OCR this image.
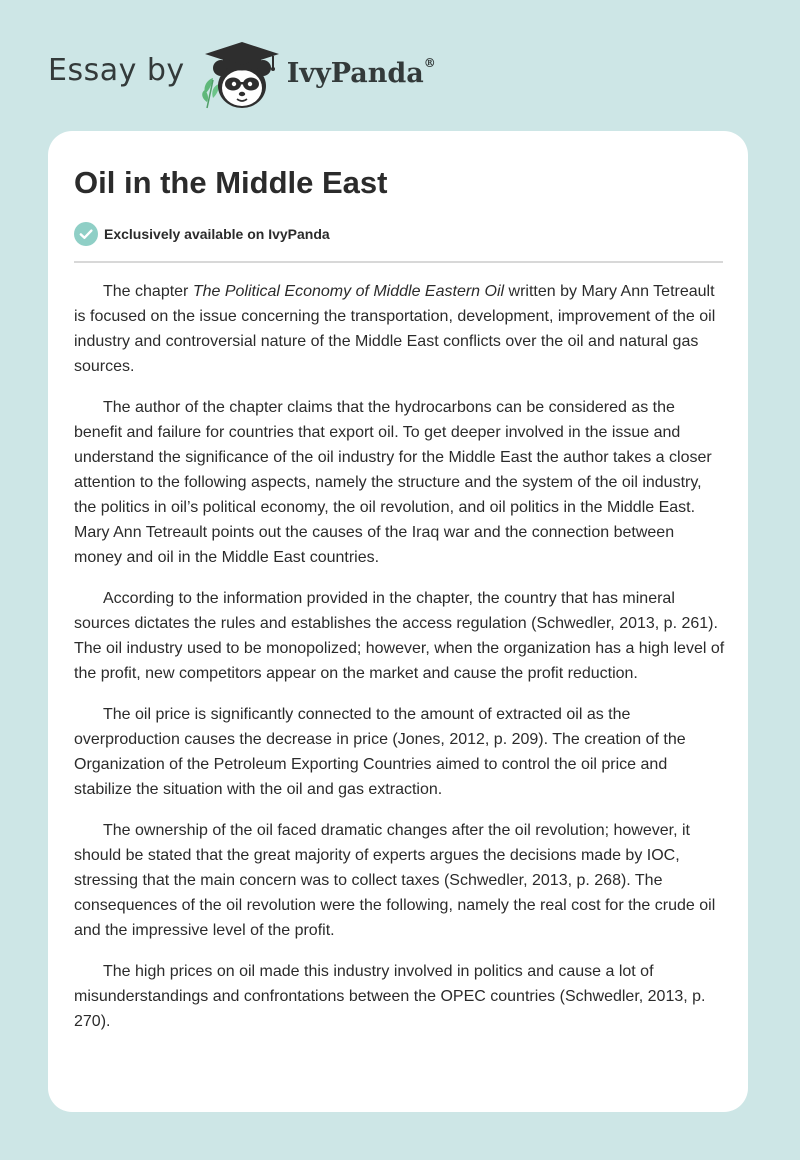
Essay by	IvyPanda®
Oil in the Middle East
Exclusively available on IvyPanda

The chapter The Political Economy of Middle Eastern Oil written by Mary Ann Tetreault is focused on the issue concerning the transportation, development, improvement of the oil industry and controversial nature of the Middle East conflicts over the oil and natural gas sources.

The author of the chapter claims that the hydrocarbons can be considered as the benefit and failure for countries that export oil. To get deeper involved in the issue and understand the significance of the oil industry for the Middle East the author takes a closer attention to the following aspects, namely the structure and the system of the oil industry, the politics in oil’s political economy, the oil revolution, and oil politics in the Middle East. Mary Ann Tetreault points out the causes of the Iraq war and the connection between money and oil in the Middle East countries.

According to the information provided in the chapter, the country that has mineral sources dictates the rules and establishes the access regulation (Schwedler, 2013, p. 261). The oil industry used to be monopolized; however, when the organization has a high level of the profit, new competitors appear on the market and cause the profit reduction.

The oil price is significantly connected to the amount of extracted oil as the overproduction causes the decrease in price (Jones, 2012, p. 209). The creation of the Organization of the Petroleum Exporting Countries aimed to control the oil price and stabilize the situation with the oil and gas extraction.

The ownership of the oil faced dramatic changes after the oil revolution; however, it should be stated that the great majority of experts argues the decisions made by IOC, stressing that the main concern was to collect taxes (Schwedler, 2013, p. 268). The consequences of the oil revolution were the following, namely the real cost for the crude oil and the impressive level of the profit.

The high prices on oil made this industry involved in politics and cause a lot of misunderstandings and confrontations between the OPEC countries (Schwedler, 2013, p. 270).
